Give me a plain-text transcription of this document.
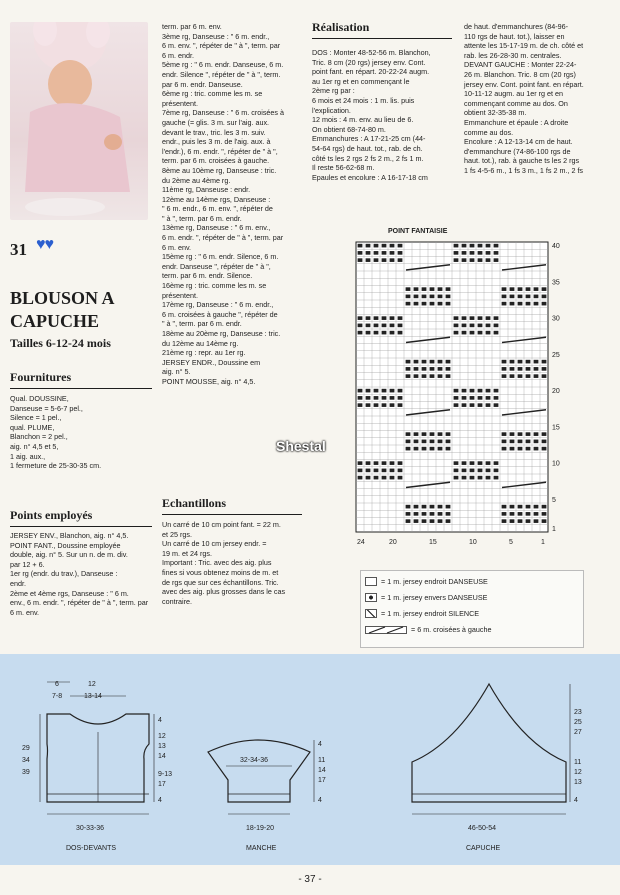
31 ♥♥
BLOUSON A CAPUCHE
Tailles 6-12-24 mois
Fournitures
Qual. DOUSSINE,
Danseuse = 5-6-7 pel.,
Silence = 1 pel.,
qual. PLUME,
Blanchon = 2 pel.,
aig. n° 4,5 et 5,
1 aig. aux.,
1 fermeture de 25-30-35 cm.
Points employés
JERSEY ENV., Blanchon, aig. n° 4,5.
POINT FANT., Doussine employée
double, aig. n° 5. Sur un n. de m. div.
par 12 + 6.
1er rg (endr. du trav.), Danseuse :
endr.
2ème et 4ème rgs, Danseuse : " 6 m.
env., 6 m. endr. ", répéter de " à ", term. par 6 m. env.
term. par 6 m. env.
3ème rg, Danseuse : " 6 m. endr.,
6 m. env. ", répéter de " à ", term. par
6 m. endr.
5ème rg : " 6 m. endr. Danseuse, 6 m.
endr. Silence ", répéter de " à ", term.
par 6 m. endr. Danseuse.
6ème rg : tric. comme les m. se
présentent.
7ème rg, Danseuse : " 6 m. croisées à
gauche (= glis. 3 m. sur l'aig. aux.
devant le trav., tric. les 3 m. suiv.
endr., puis les 3 m. de l'aig. aux. à
l'endr.), 6 m. endr. ", répéter de " à ",
term. par 6 m. croisées à gauche.
8ème au 10ème rg, Danseuse : tric.
du 2ème au 4ème rg.
11ème rg, Danseuse : endr.
12ème au 14ème rgs, Danseuse :
" 6 m. endr., 6 m. env. ", répéter de
" à ", term. par 6 m. endr.
13ème rg, Danseuse : " 6 m. env.,
6 m. endr. ", répéter de " à ", term. par
6 m. env.
15ème rg : " 6 m. endr. Silence, 6 m.
endr. Danseuse ", répéter de " à ",
term. par 6 m. endr. Silence.
16ème rg : tric. comme les m. se
présentent.
17ème rg, Danseuse : " 6 m. endr.,
6 m. croisées à gauche ", répéter de
" à ", term. par 6 m. endr.
18ème au 20ème rg, Danseuse : tric.
du 12ème au 14ème rg.
21ème rg : repr. au 1er rg.
JERSEY ENDR., Doussine em
aig. n° 5.
POINT MOUSSE, aig. n° 4,5.
Echantillons
Un carré de 10 cm point fant. = 22 m.
et 25 rgs.
Un carré de 10 cm jersey endr. =
19 m. et 24 rgs.
Important : Tric. avec des aig. plus
fines si vous obtenez moins de m. et
de rgs que sur ces échantillons. Tric.
avec des aig. plus grosses dans le cas
contraire.
Réalisation
DOS : Monter 48-52-56 m. Blanchon,
Tric. 8 cm (20 rgs) jersey env. Cont.
point fant. en répart. 20-22-24 augm.
au 1er rg et en commençant le
2ème rg par :
6 mois et 24 mois : 1 m. lis. puis
l'explication.
12 mois : 4 m. env. au lieu de 6.
On obtient 68-74-80 m.
Emmanchures : A 17-21-25 cm (44-
54-64 rgs) de haut. tot., rab. de ch.
côté ts les 2 rgs 2 fs 2 m., 2 fs 1 m.
Il reste 56-62-68 m.
Epaules et encolure : A 16-17-18 cm
de haut. d'emmanchures (84-96-
110 rgs de haut. tot.), laisser en
attente les 15-17-19 m. de ch. côté et
rab. les 26-28-30 m. centrales.
DEVANT GAUCHE : Monter 22-24-
26 m. Blanchon. Tric. 8 cm (20 rgs)
jersey env. Cont. point fant. en répart.
10-11-12 augm. au 1er rg et en
commençant comme au dos. On
obtient 32-35-38 m.
Emmanchure et épaule : A droite
comme au dos.
Encolure : A 12-13-14 cm de haut.
d'emmanchure (74-86-100 rgs de
haut. tot.), rab. à gauche ts les 2 rgs
1 fs 4-5-6 m., 1 fs 3 m., 1 fs 2 m., 2 fs
POINT FANTAISIE
40
35
30
25
20
15
10
5
1
24	20	15	10	5	1
Shestal
= 1 m. jersey endroit DANSEUSE
= 1 m. jersey envers DANSEUSE
= 1 m. jersey endroit SILENCE
= 6 m. croisées à gauche
6	12
7-8	13-14
29
34
39
4
12
13
14
9-13
17
4
30-33-36
DOS-DEVANTS
32-34-36
4
11
14
17
4
18-19-20
MANCHE
23
25
27
11
12
13
4
46-50-54
CAPUCHE
- 37 -
